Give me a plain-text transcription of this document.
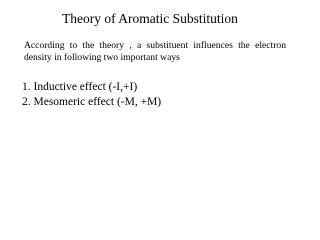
Theory of Aromatic Substitution

According to the theory , a substituent influences the electron density in following two important ways

1. Inductive effect (-I,+I)
2. Mesomeric effect (-M, +M)
